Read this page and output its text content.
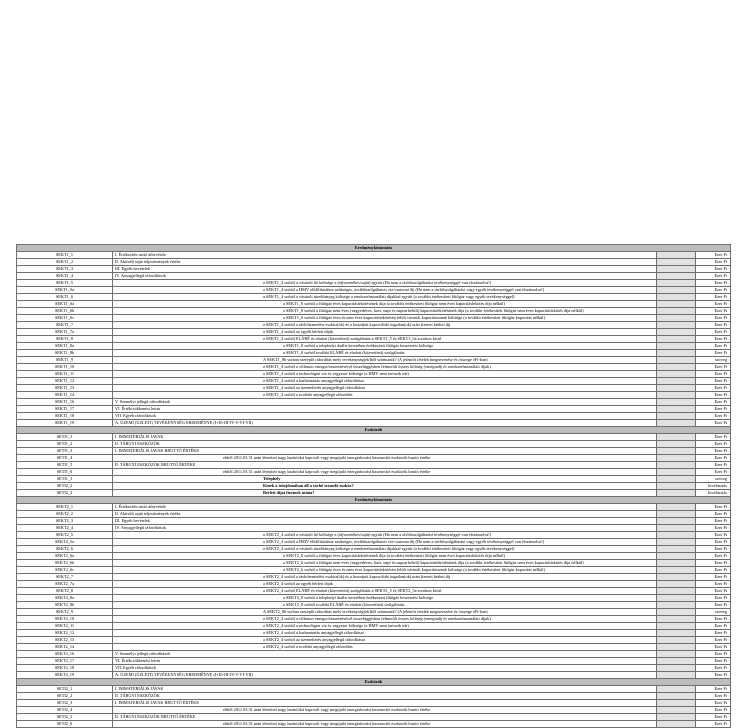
Eredménykimutatás			
SEKT1_1	I. Értékesítés nettó árbevétele		Ezer Ft
SEKT1_2	II. Aktivált saját teljesítmények értéke		Ezer Ft
SEKT1_3	III. Egyéb bevételek		Ezer Ft
SEKT1_4	IV. Anyagjellegű ráfordítások		Ezer Ft
SEKT1_5	a SEKT1_4 sorból a vásárolt hő költsége a (tájvezetékes/saját) együtt (Ha nem a távhőszolgáltatási tevékenységgel van elszámolva!)		Ezer Ft
SEKT1_5a	a SEKT1_4 sorból a HMV előállításához szükséges, továbbszolgáltatott víz-csatorna díj (Ha nem a távhőszolgáltatási vagy egyéb tevékenységgel van elszámolva!)		Ezer Ft
SEKT1_6	a SEKT1_4 sorból a vásárolt tüzelőanyag költsége a rendszerhasználati díjakkal együtt (a további értékesített fűtőgáz vagy egyéb tevékenységgel)		Ezer Ft
SEKT1_6a	a SEKT1_6 sorból a fűtőgáz éves kapacitáslekötésének díja (a további értékesített fűtőgáz nem éves kapacitáslekötés díja nélkül)		Ezer Ft
SEKT1_6b	a SEKT1_6 sorból a fűtőgáz nem éves (negyedéves, havi, napi és napon belüli) kapacitáslekötésének díja (a további értékesített fűtőgáz nem éves kapacitáslekötés díja nélkül)		Ezer Ft
SEKT1_6c	a SEKT1_6 sorból a fűtőgáz éves és nem éves kapacitáslekötésén felüli vásárolt kapacitásainak költsége (a további értékesített fűtőgáz kapacitás nélkül)		Ezer Ft
SEKT1_7	a SEKT1_4 sorból a távhőtermelési eszköz(ök) és a hozzájuk kapcsolódó ingatlan(ok) után fizetett bérleti díj		Ezer Ft
SEKT1_7a	a SEKT1_4 sorból az egyéb bérleti díjak		Ezer Ft
SEKT1_8	a SEKT1_4 sorból ELÁBÉ és eladott (közvetített) szolgáltatás a SEKT1_5 és SEKT1_5a sorokon kívül		Ezer Ft
SEKT1_8a	a SEKT1_8 sorból a telephelyi duális keretében értékesített fűtőgáz beszerzési költsége		Ezer Ft
SEKT1_8b	a SEKT1_8 sorból további ELÁBÉ és eladott (közvetített) szolgáltatás		Ezer Ft
SEKT1_9	A SEKT1_8b sorban szereplő ráfordítás mely tevékenység(ek)ből származik? (A jelentős tételek megnevezése és összege eFt-ban)		szöveg
SEKT1_10	a SEKT1_4 sorból a villamos energia beszerzésével összefüggésben felmerült összes költség (energiadíj és rendszerhasználati díjak)		Ezer Ft
SEKT1_11	a SEKT1_4 sorból a technológiai víz és vegyszer költsége (a HMV nem tartozik ide)		Ezer Ft
SEKT1_12	a SEKT1_4 sorból a karbantartás anyagjellegű ráfordításai		Ezer Ft
SEKT1_13	a SEKT1_4 sorból az üzemeltetés anyagjellegű ráfordításai		Ezer Ft
SEKT1_14	a SEKT1_4 sorból a további anyagjellegű ráfordítás		Ezer Ft
SEKT1_16	V. Személyi jellegű ráfordítások		Ezer Ft
SEKT1_17	VI. Értékcsökkenési leírás		Ezer Ft
SEKT1_18	VII. Egyéb ráfordítások		Ezer Ft
SEKT1_19	A. ÜZEMI (ÜZLETI) TEVÉKENYSÉG EREDMÉNYE (I+II+III-IV-V-VI-VII)		Ezer Ft
Eszközök			
SETI1_1	I. IMMATERIÁLIS JAVAK		Ezer Ft
SETI1_2	II. TÁRGYI ESZKÖZÖK		Ezer Ft
SETI1_3	I. IMMATERIÁLIS JAVAK BRUTTÓ ÉRTÉKE		Ezer Ft
SETI1_4	ebből 2011.03.31 után létesített nagy hatásfokú kapcsolt vagy megújuló energiaforrást hasznosító eszközök bruttó értéke		Ezer Ft
SETI1_5	II. TÁRGYI ESZKÖZÖK BRUTTÓ ÉRTÉKE		Ezer Ft
SETI1_6	ebből 2011.03.31 után létesített nagy hatásfokú kapcsolt vagy megújuló energiaforrást hasznosító eszközök bruttó értéke		Ezer Ft
SETI1_1	Telephely		szöveg
SETI2_2	Kinek a tulajdonában áll a távhő termelő eszköz?		kiválasztás
SETI2_3	Bérleti díjat fizetnek utána?		kiválasztás
Eredménykimutatás			
SEKT2_1	I. Értékesítés nettó árbevétele		Ezer Ft
SEKT2_2	II. Aktivált saját teljesítmények értéke		Ezer Ft
SEKT2_3	III. Egyéb bevételek		Ezer Ft
SEKT2_4	IV. Anyagjellegű ráfordítások		Ezer Ft
SEKT2_5	a SEKT2_4 sorból a vásárolt hő költsége a (tájvezetékes/saját) együtt (Ha nem a távhőszolgáltatási tevékenységgel van elszámolva!)		Ezer Ft
SEKT2_5a	a SEKT2_4 sorból a HMV előállításához szükséges, továbbszolgáltatott víz-csatorna díj (Ha nem a távhőszolgáltatási vagy egyéb tevékenységgel van elszámolva!)		Ezer Ft
SEKT2_6	a SEKT2_4 sorból a vásárolt tüzelőanyag költsége a rendszerhasználati díjakkal együtt (a további értékesített fűtőgáz vagy egyéb tevékenységgel)		Ezer Ft
SEKT2_6a	a SEKT2_6 sorból a fűtőgáz éves kapacitáslekötésének díja (a további értékesített fűtőgáz nem éves kapacitáslekötés díja nélkül)		Ezer Ft
SEKT2_6b	a SEKT2_6 sorból a fűtőgáz nem éves (negyedéves, havi, napi és napon belüli) kapacitáslekötésének díja (a további értékesített fűtőgáz nem éves kapacitáslekötés díja nélkül)		Ezer Ft
SEKT2_6c	a SEKT2_6 sorból a fűtőgáz éves és nem éves kapacitáslekötésén felüli vásárolt kapacitásainak költsége (a további értékesített fűtőgáz kapacitás nélkül)		Ezer Ft
SEKT2_7	a SEKT2_4 sorból a távhőtermelési eszköz(ök) és a hozzájuk kapcsolódó ingatlan(ok) után fizetett bérleti díj		Ezer Ft
SEKT2_7a	a SEKT2_4 sorból az egyéb bérleti díjak		Ezer Ft
SEKT2_8	a SEKT2_4 sorból ELÁBÉ és eladott (közvetített) szolgáltatás a SEKT2_5 és SEKT2_5a sorokon kívül		Ezer Ft
SEKT2_8a	a SEKT2_8 sorból a telephelyi duális keretében értékesített fűtőgáz beszerzési költsége		Ezer Ft
SEKT2_8b	a SEKT2_8 sorból további ELÁBÉ és eladott (közvetített) szolgáltatás		Ezer Ft
SEKT2_9	A SEKT2_8b sorban szereplő ráfordítás mely tevékenység(ek)ből származik? (A jelentős tételek megnevezése és összege eFt-ban)		szöveg
SEKT2_10	a SEKT2_4 sorból a villamos energia beszerzésével összefüggésben felmerült összes költség (energiadíj és rendszerhasználati díjak)		Ezer Ft
SEKT2_11	a SEKT2_4 sorból a technológiai víz és vegyszer költsége (a HMV nem tartozik ide)		Ezer Ft
SEKT2_12	a SEKT2_4 sorból a karbantartás anyagjellegű ráfordításai		Ezer Ft
SEKT2_13	a SEKT2_4 sorból az üzemeltetés anyagjellegű ráfordításai		Ezer Ft
SEKT2_14	a SEKT2_4 sorból a további anyagjellegű ráfordítás		Ezer Ft
SEKT2_16	V. Személyi jellegű ráfordítások		Ezer Ft
SEKT2_17	VI. Értékcsökkenési leírás		Ezer Ft
SEKT2_18	VII. Egyéb ráfordítások		Ezer Ft
SEKT2_19	A. ÜZEMI (ÜZLETI) TEVÉKENYSÉG EREDMÉNYE (I+II+III-IV-V-VI-VII)		Ezer Ft
Eszközök			
SETI2_1	I. IMMATERIÁLIS JAVAK		Ezer Ft
SETI2_2	II. TÁRGYI ESZKÖZÖK		Ezer Ft
SETI2_3	I. IMMATERIÁLIS JAVAK BRUTTÓ ÉRTÉKE		Ezer Ft
SETI2_4	ebből 2011.03.31 után létesített nagy hatásfokú kapcsolt vagy megújuló energiaforrást hasznosító eszközök bruttó értéke		Ezer Ft
SETI2_5	II. TÁRGYI ESZKÖZÖK BRUTTÓ ÉRTÉKE		Ezer Ft
SETI2_6	ebből 2011.03.31 után létesített nagy hatásfokú kapcsolt vagy megújuló energiaforrást hasznosító eszközök bruttó értéke		Ezer Ft
